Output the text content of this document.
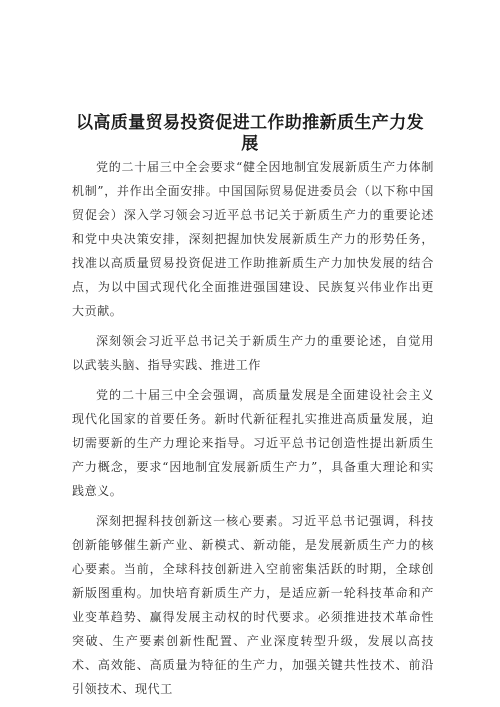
以高质量贸易投资促进工作助推新质生产力发展

党的二十届三中全会要求“健全因地制宜发展新质生产力体制机制”，并作出全面安排。中国国际贸易促进委员会（以下称中国贸促会）深入学习领会习近平总书记关于新质生产力的重要论述和党中央决策安排，深刻把握加快发展新质生产力的形势任务，找准以高质量贸易投资促进工作助推新质生产力加快发展的结合点，为以中国式现代化全面推进强国建设、民族复兴伟业作出更大贡献。

深刻领会习近平总书记关于新质生产力的重要论述，自觉用以武装头脑、指导实践、推进工作

党的二十届三中全会强调，高质量发展是全面建设社会主义现代化国家的首要任务。新时代新征程扎实推进高质量发展，迫切需要新的生产力理论来指导。习近平总书记创造性提出新质生产力概念，要求“因地制宜发展新质生产力”，具备重大理论和实践意义。

深刻把握科技创新这一核心要素。习近平总书记强调，科技创新能够催生新产业、新模式、新动能，是发展新质生产力的核心要素。当前，全球科技创新进入空前密集活跃的时期，全球创新版图重构。加快培育新质生产力，是适应新一轮科技革命和产业变革趋势、赢得发展主动权的时代要求。必须推进技术革命性突破、生产要素创新性配置、产业深度转型升级，发展以高技术、高效能、高质量为特征的生产力，加强关键共性技术、前沿引领技术、现代工
